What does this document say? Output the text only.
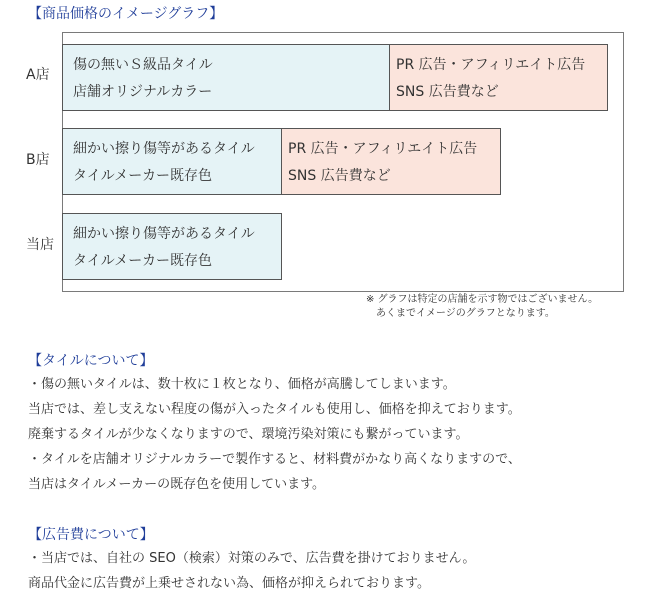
【商品価格のイメージグラフ】
A店
傷の無いＳ級品タイル
店舗オリジナルカラー
PR 広告・アフィリエイト広告
SNS 広告費など
B店
細かい擦り傷等があるタイル
タイルメーカー既存色
PR 広告・アフィリエイト広告
SNS 広告費など
当店
細かい擦り傷等があるタイル
タイルメーカー既存色
※ グラフは特定の店舗を示す物ではございません。
あくまでイメージのグラフとなります。
【タイルについて】
・傷の無いタイルは、数十枚に１枚となり、価格が高騰してしまいます。
当店では、差し支えない程度の傷が入ったタイルも使用し、価格を抑えております。
廃棄するタイルが少なくなりますので、環境汚染対策にも繋がっています。
・タイルを店舗オリジナルカラーで製作すると、材料費がかなり高くなりますので、
当店はタイルメーカーの既存色を使用しています。
【広告費について】
・当店では、自社の SEO（検索）対策のみで、広告費を掛けておりません。
商品代金に広告費が上乗せされない為、価格が抑えられております。
